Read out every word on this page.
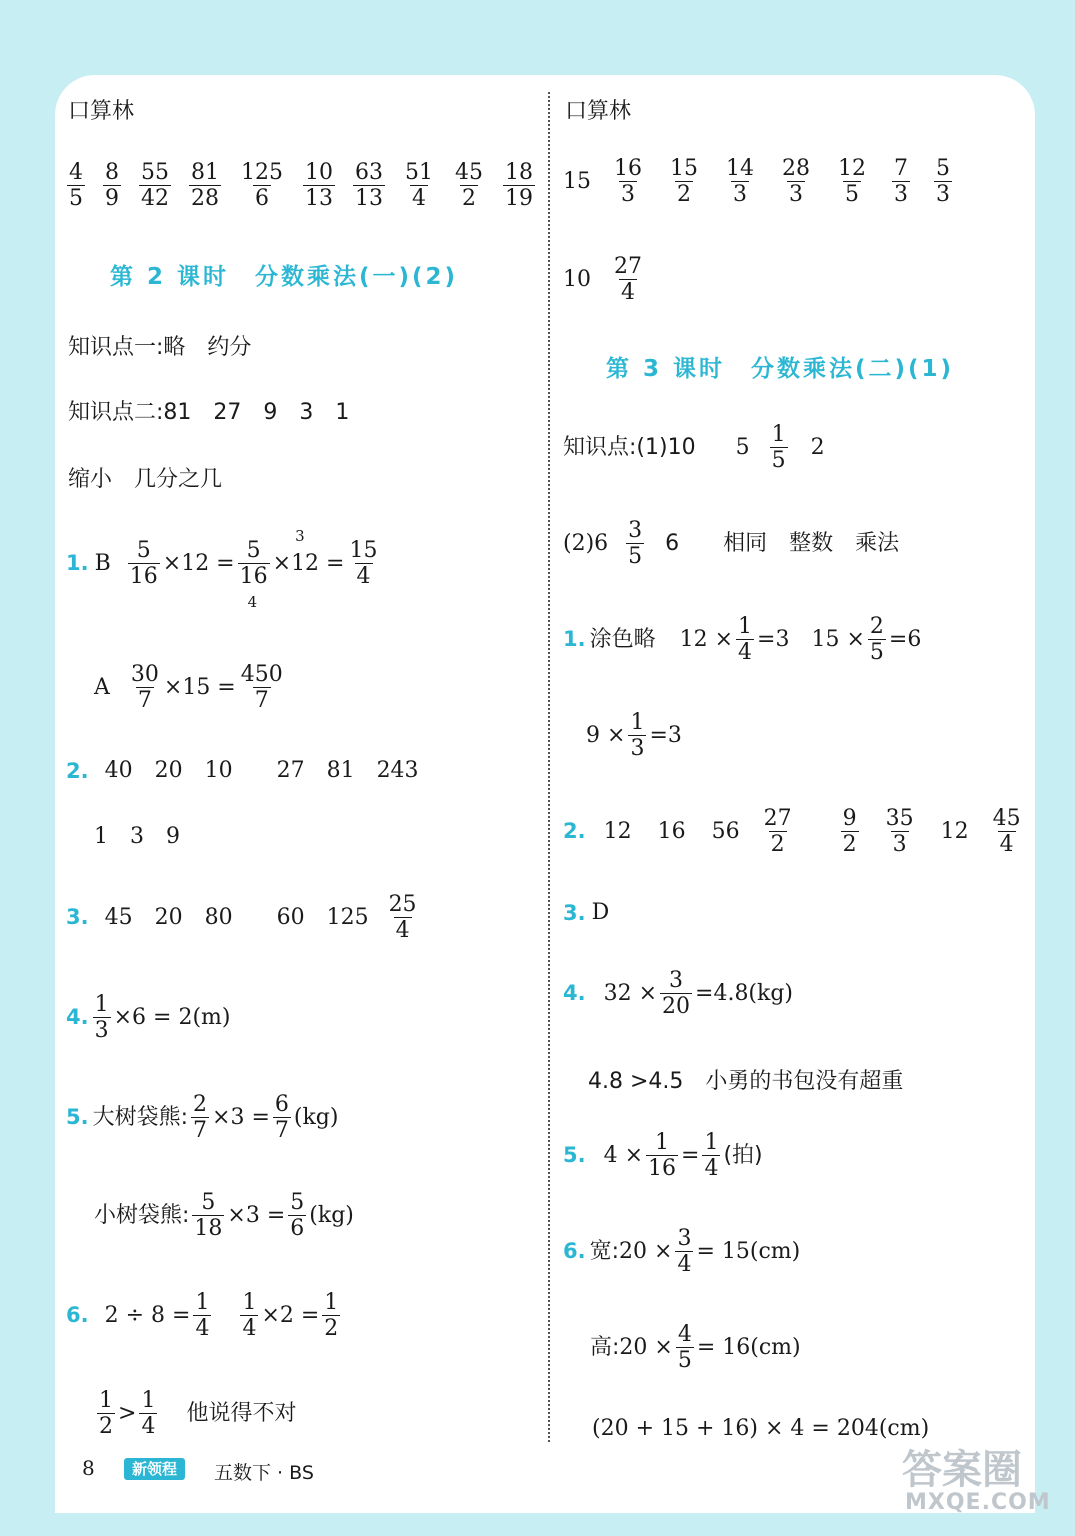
口算林
$\frac{4}{5} \frac{8}{9} \frac{55}{42} \frac{81}{28} \frac{125}{6} \frac{10}{13} \frac{63}{13} \frac{51}{4} \frac{45}{2} \frac{18}{19}$
第 2 课时　分数乘法(一)(2)
知识点一:略　约分
知识点二:81　27　9　3　1
缩小　几分之几
1. B $\frac{5}{16} \times 12$ =
5
16
4
×12
3
= $\frac{15}{4}$
A $\frac{30}{7} \times 15 = \frac{450}{7}$
2. 40　20　10　　27　81　243
1　3　9
3. 45　20　80　　60　$125 \frac{25}{4}$
4. $\frac{1}{3} \times 6 = 2(m)$
5. 大树袋熊: $\frac{2}{7} \times 3 = \frac{6}{7} (kg)$
小树袋熊: $\frac{5}{18} \times 3 = \frac{5}{6} (kg)$
6. $2 \div 8 = \frac{1}{4} \frac{1}{4} \times 2 = \frac{1}{2}$
$\frac{1}{2} > \frac{1}{4}$ 他说得不对
口算林
$15 \frac{16}{3} \frac{15}{2} \frac{14}{3} \frac{28}{3} \frac{12}{5} \frac{7}{3} \frac{5}{3}$
$10 \frac{27}{4}$
第 3 课时　分数乘法(二)(1)
知识点:(1)10 $5 \frac{1}{5} 2$
$(2)6 \frac{3}{5} 6$　　相同　整数　乘法
1. 涂色略 $12 \times \frac{1}{4} =3$ $15 \times \frac{2}{5} =6$
$9 \times \frac{1}{3} =3$
2. 12 16 $56 \frac{27}{2} \frac{9}{2} \frac{35}{3} 12 \frac{45}{4}$
3. D
4. $32 \times \frac{3}{20} =4.8(kg)$
4.8 >4.5　小勇的书包没有超重
5. $4 \times \frac{1}{16} = \frac{1}{4}$ (拍)
6. 宽: $20 \times \frac{3}{4} = 15(cm)$
高: $20 \times \frac{4}{5} = 16(cm)$
(20 + 15 + 16) × 4 = 204(cm)
8	新领程	五数下 · BS	答案圈
MXQE.COM
